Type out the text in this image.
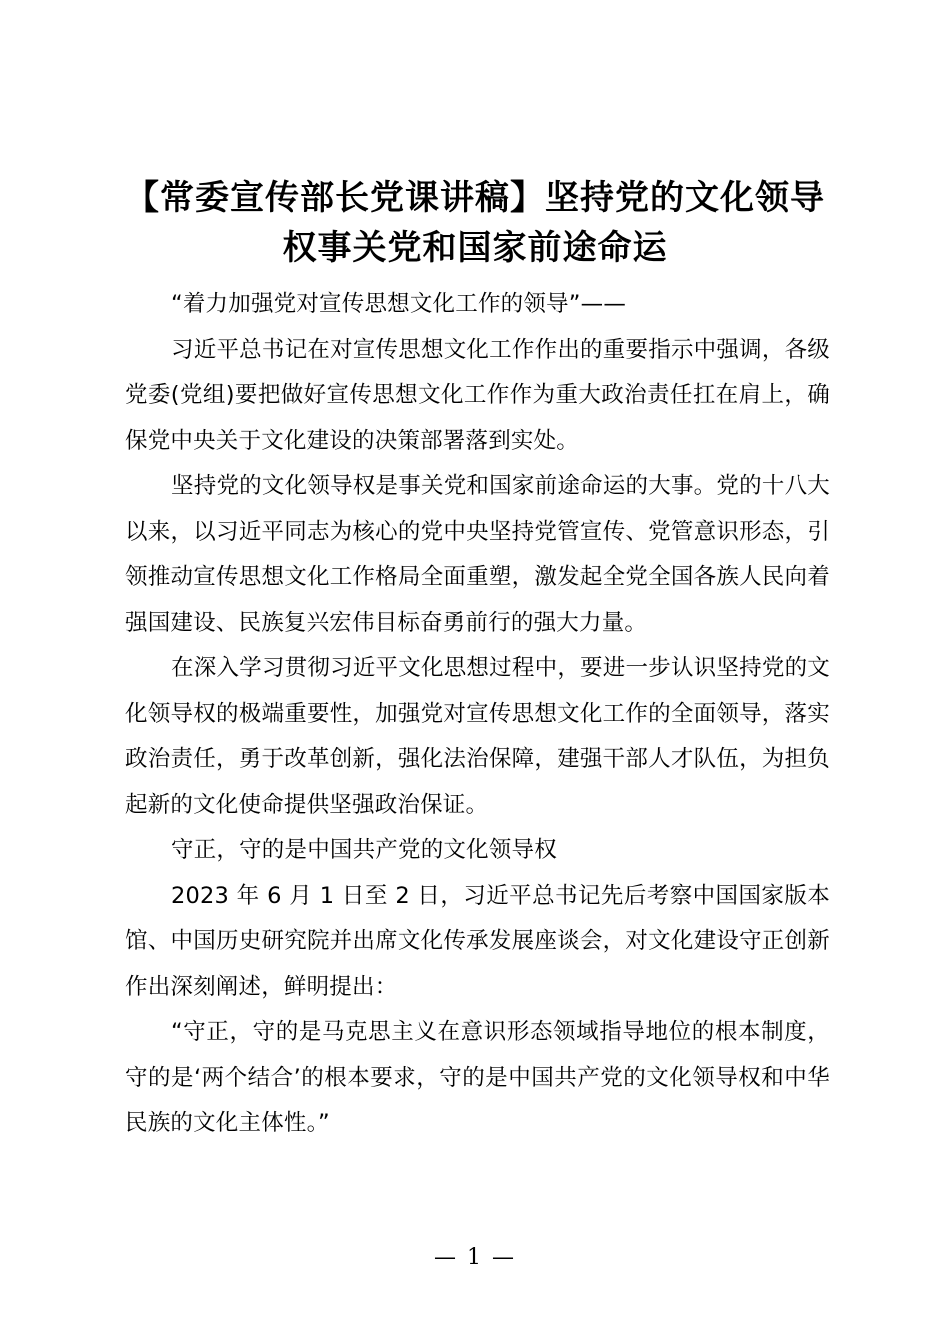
【常委宣传部长党课讲稿】坚持党的文化领导
权事关党和国家前途命运

“着力加强党对宣传思想文化工作的领导”——

习近平总书记在对宣传思想文化工作作出的重要指示中强调，各级党委(党组)要把做好宣传思想文化工作作为重大政治责任扛在肩上，确保党中央关于文化建设的决策部署落到实处。

坚持党的文化领导权是事关党和国家前途命运的大事。党的十八大以来，以习近平同志为核心的党中央坚持党管宣传、党管意识形态，引领推动宣传思想文化工作格局全面重塑，激发起全党全国各族人民向着强国建设、民族复兴宏伟目标奋勇前行的强大力量。

在深入学习贯彻习近平文化思想过程中，要进一步认识坚持党的文化领导权的极端重要性，加强党对宣传思想文化工作的全面领导，落实政治责任，勇于改革创新，强化法治保障，建强干部人才队伍，为担负起新的文化使命提供坚强政治保证。

守正，守的是中国共产党的文化领导权

2023 年 6 月 1 日至 2 日，习近平总书记先后考察中国国家版本馆、中国历史研究院并出席文化传承发展座谈会，对文化建设守正创新作出深刻阐述，鲜明提出：

“守正，守的是马克思主义在意识形态领域指导地位的根本制度，守的是‘两个结合’的根本要求，守的是中国共产党的文化领导权和中华民族的文化主体性。”

— 1 —
